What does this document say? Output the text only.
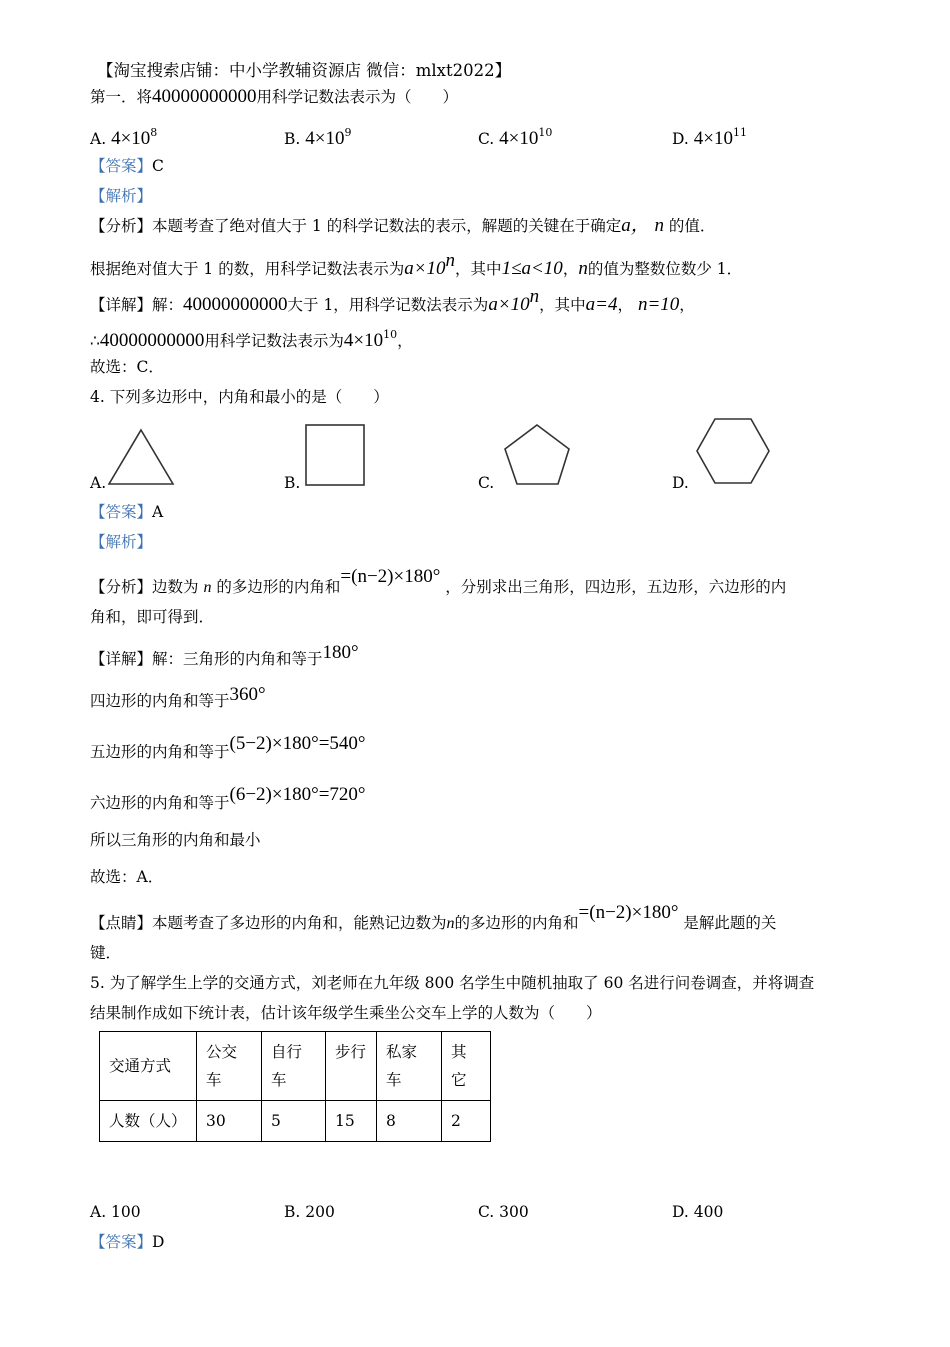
【淘宝搜索店铺：中小学教辅资源店 微信：mlxt2022】
第一．将40000000000用科学记数法表示为（　　）
A. $4\times 10^8$	B. $4\times 10^9$	C. $4\times 10^{10}$	D. $4\times 10^{11}$
【答案】C
【解析】
【分析】本题考查了绝对值大于 1 的科学记数法的表示，解题的关键在于确定a， n 的值．
根据绝对值大于 1 的数，用科学记数法表示为$a\times 10^n$，其中1≤a<10，n的值为整数位数少 1．
【详解】解：40000000000大于 1，用科学记数法表示为$a\times 10^n$，其中a=4， n=10，
∴40000000000用科学记数法表示为$4\times 10^{10}$，
故选：C．
4. 下列多边形中，内角和最小的是（　　）
A.	B.	C.	D.
【答案】A
【解析】
【分析】边数为 n 的多边形的内角和=(n−2)×180° ，分别求出三角形，四边形，五边形，六边形的内
角和，即可得到．
【详解】解：三角形的内角和等于180°
四边形的内角和等于360°
五边形的内角和等于(5−2)×180°=540°
六边形的内角和等于(6−2)×180°=720°
所以三角形的内角和最小
故选：A．
【点睛】本题考查了多边形的内角和，能熟记边数为n的多边形的内角和=(n−2)×180° 是解此题的关
键．
5. 为了解学生上学的交通方式，刘老师在九年级 800 名学生中随机抽取了 60 名进行问卷调查，并将调查
结果制作成如下统计表，估计该年级学生乘坐公交车上学的人数为（　　）
交通方式	公交车	自行车	步行	私家车	其它
人数（人）	30	5	15	8	2
A. 100	B. 200	C. 300	D. 400
【答案】D
